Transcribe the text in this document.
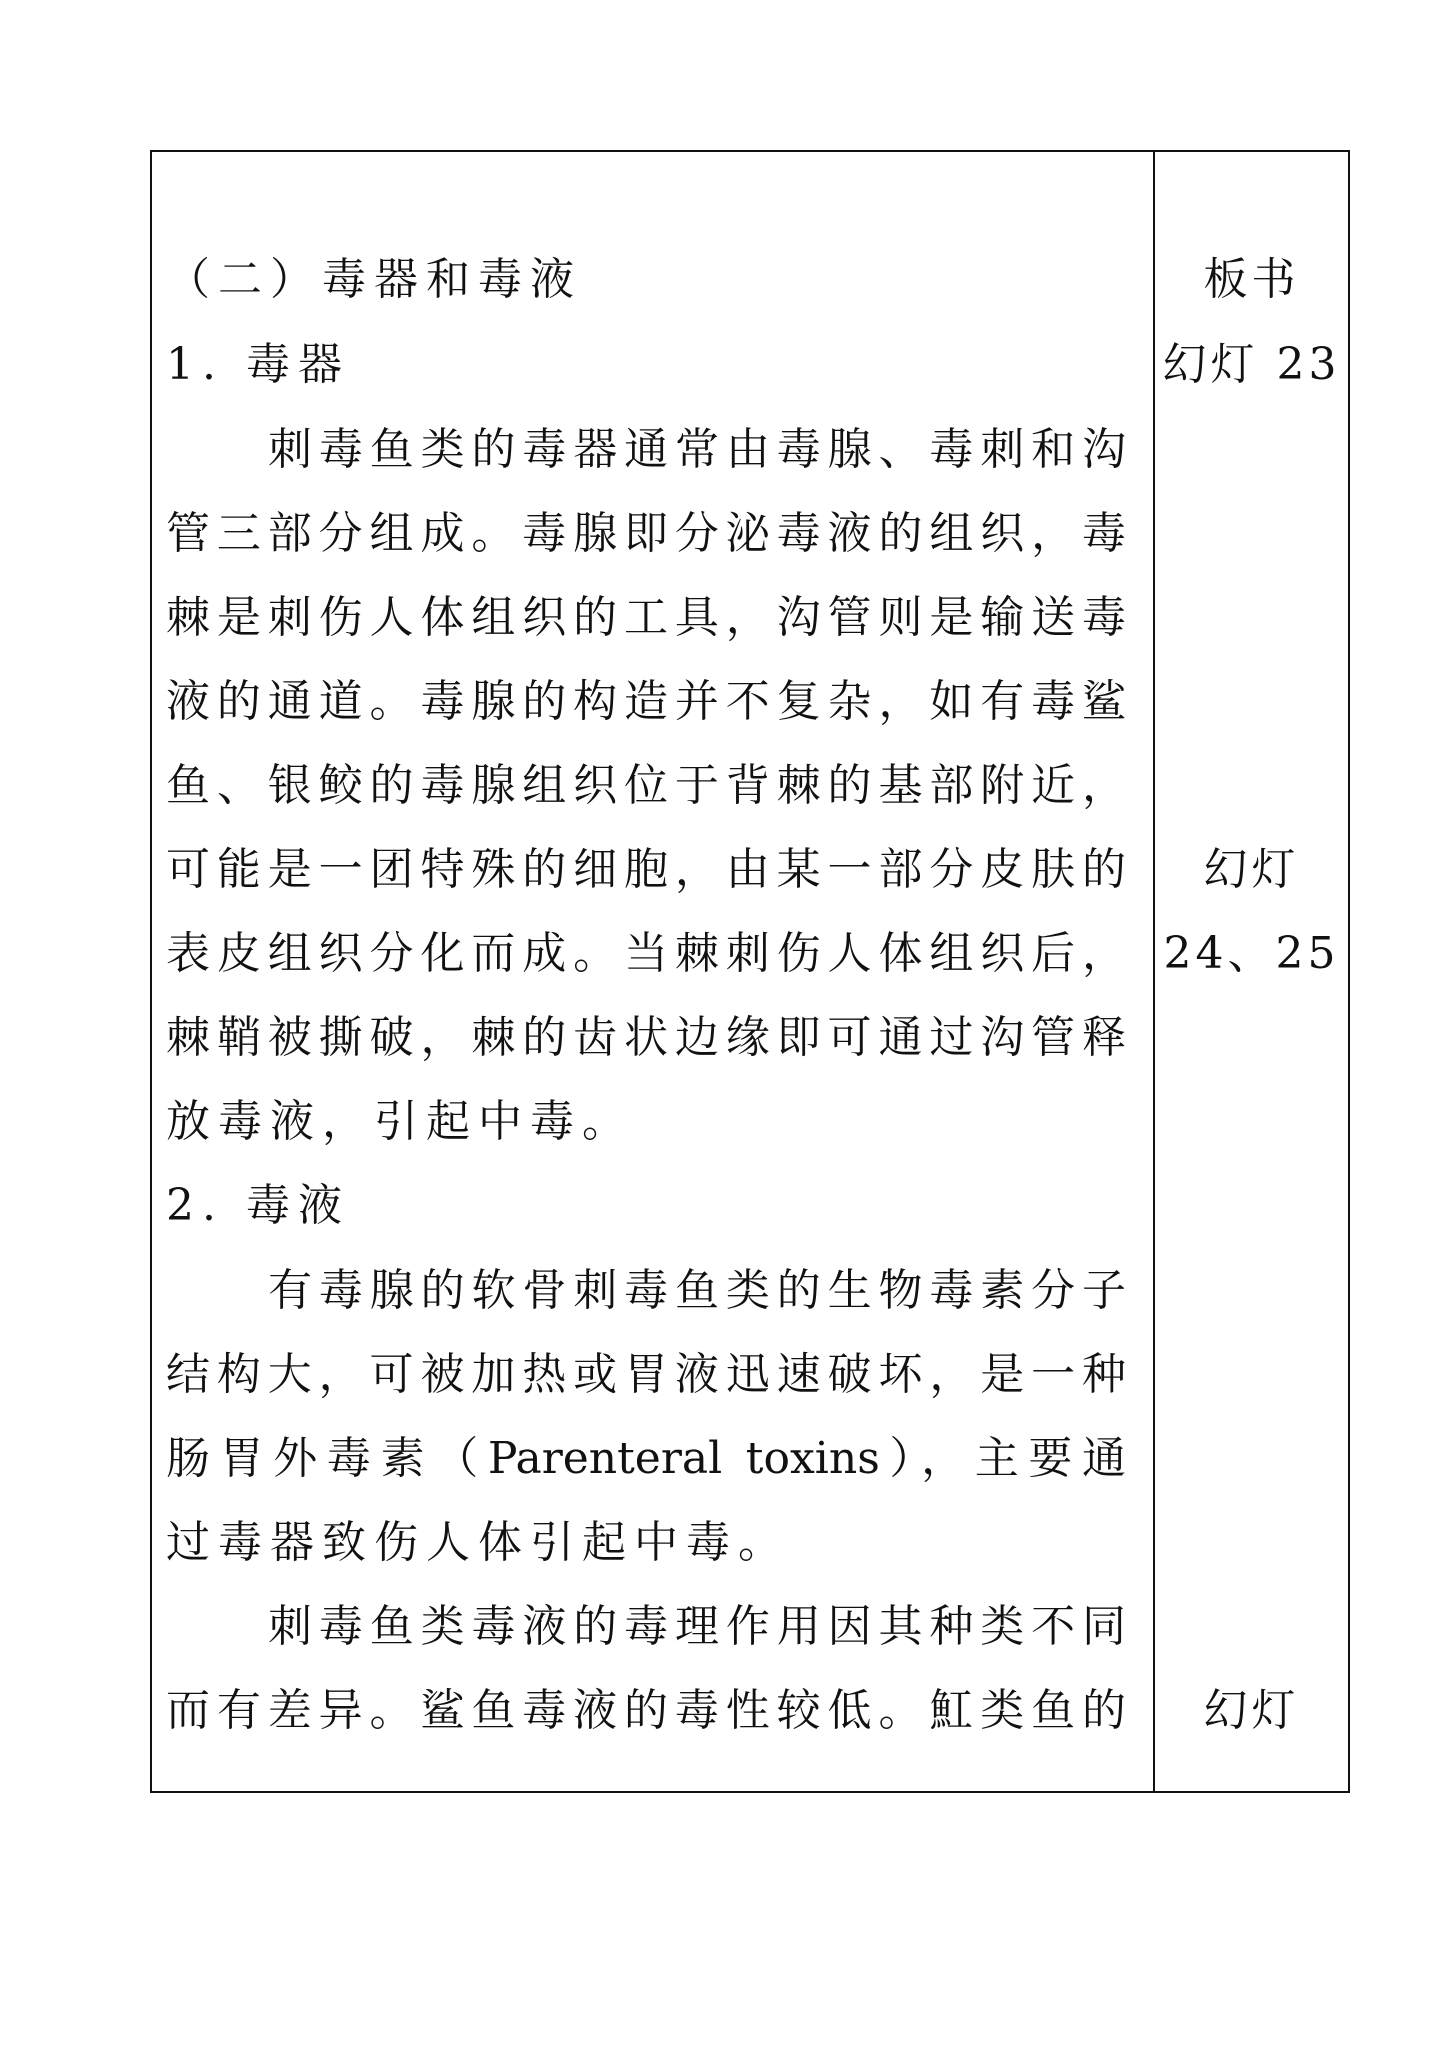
（二）毒器和毒液
1. 毒器
刺毒鱼类的毒器通常由毒腺、毒刺和沟
管三部分组成。毒腺即分泌毒液的组织，毒
棘是刺伤人体组织的工具，沟管则是输送毒
液的通道。毒腺的构造并不复杂，如有毒鲨
鱼、银鲛的毒腺组织位于背棘的基部附近，
可能是一团特殊的细胞，由某一部分皮肤的
表皮组织分化而成。当棘刺伤人体组织后，
棘鞘被撕破，棘的齿状边缘即可通过沟管释
放毒液，引起中毒。
2. 毒液
有毒腺的软骨刺毒鱼类的生物毒素分子
结构大，可被加热或胃液迅速破坏，是一种
肠胃外毒素（Parenteral toxins），主要通
过毒器致伤人体引起中毒。
刺毒鱼类毒液的毒理作用因其种类不同
而有差异。鲨鱼毒液的毒性较低。魟类鱼的
板书
幻灯 23
幻灯
24、25
幻灯
